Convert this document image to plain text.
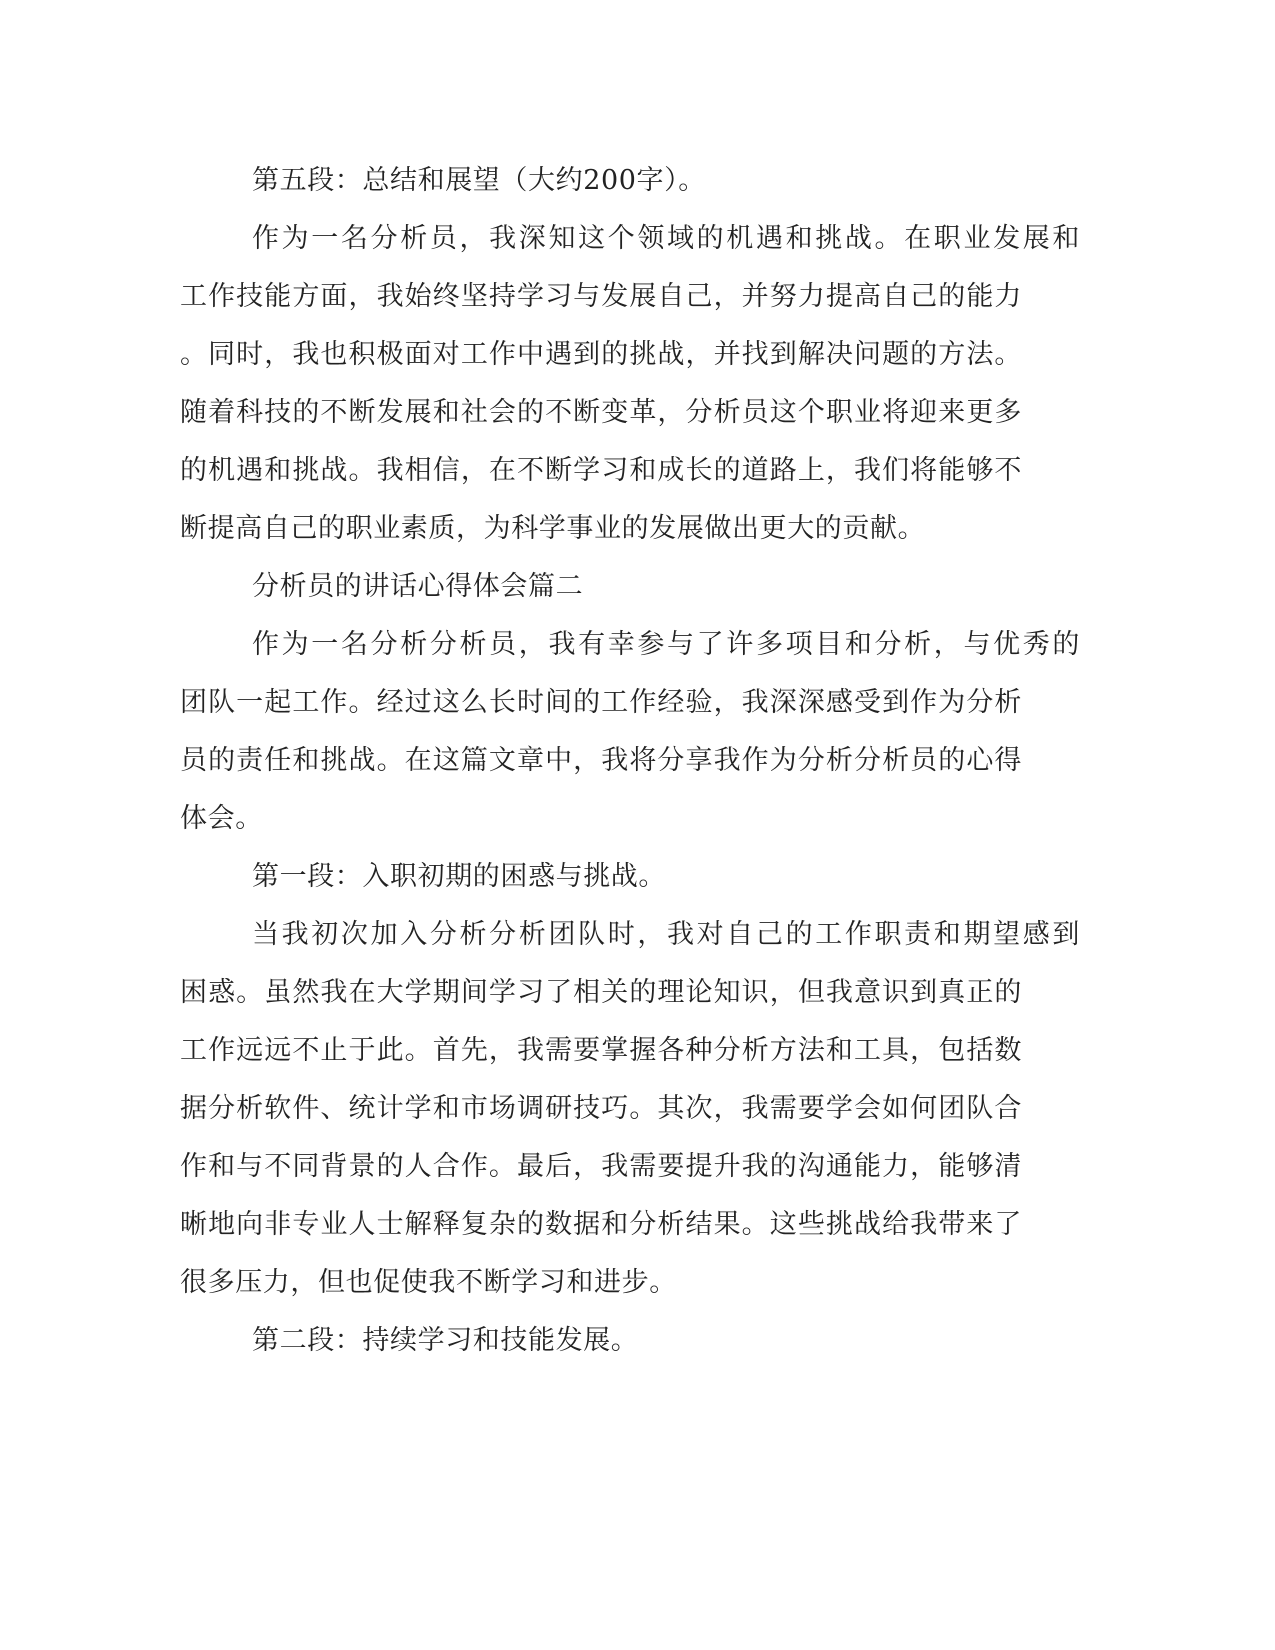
第五段：总结和展望（大约200字）。

作为一名分析员，我深知这个领域的机遇和挑战。在职业发展和

工作技能方面，我始终坚持学习与发展自己，并努力提高自己的能力

。同时，我也积极面对工作中遇到的挑战，并找到解决问题的方法。

随着科技的不断发展和社会的不断变革，分析员这个职业将迎来更多

的机遇和挑战。我相信，在不断学习和成长的道路上，我们将能够不

断提高自己的职业素质，为科学事业的发展做出更大的贡献。

分析员的讲话心得体会篇二

作为一名分析分析员，我有幸参与了许多项目和分析，与优秀的

团队一起工作。经过这么长时间的工作经验，我深深感受到作为分析

员的责任和挑战。在这篇文章中，我将分享我作为分析分析员的心得

体会。

第一段：入职初期的困惑与挑战。

当我初次加入分析分析团队时，我对自己的工作职责和期望感到

困惑。虽然我在大学期间学习了相关的理论知识，但我意识到真正的

工作远远不止于此。首先，我需要掌握各种分析方法和工具，包括数

据分析软件、统计学和市场调研技巧。其次，我需要学会如何团队合

作和与不同背景的人合作。最后，我需要提升我的沟通能力，能够清

晰地向非专业人士解释复杂的数据和分析结果。这些挑战给我带来了

很多压力，但也促使我不断学习和进步。

第二段：持续学习和技能发展。
